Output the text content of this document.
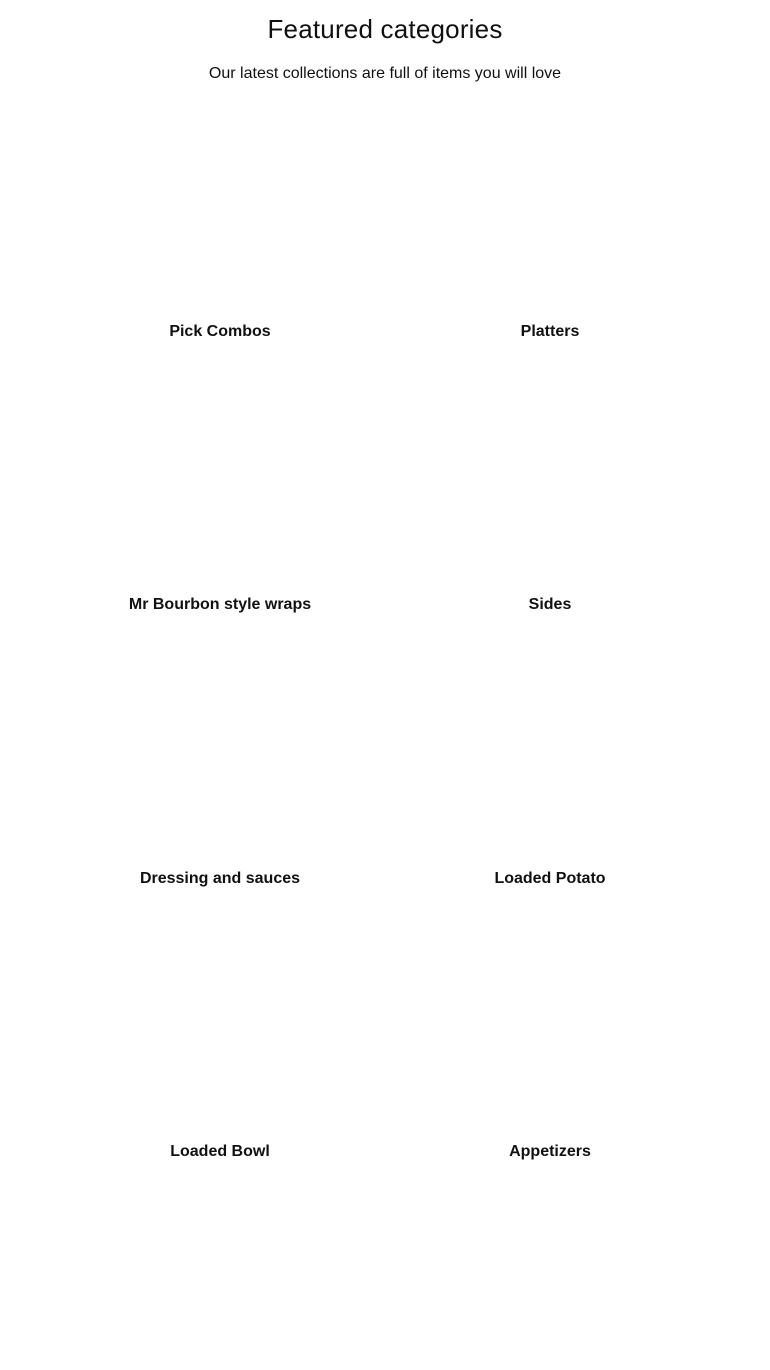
Featured categories

Our latest collections are full of items you will love

Pick Combos	Platters
Mr Bourbon style wraps	Sides
Dressing and sauces	Loaded Potato
Loaded Bowl	Appetizers
